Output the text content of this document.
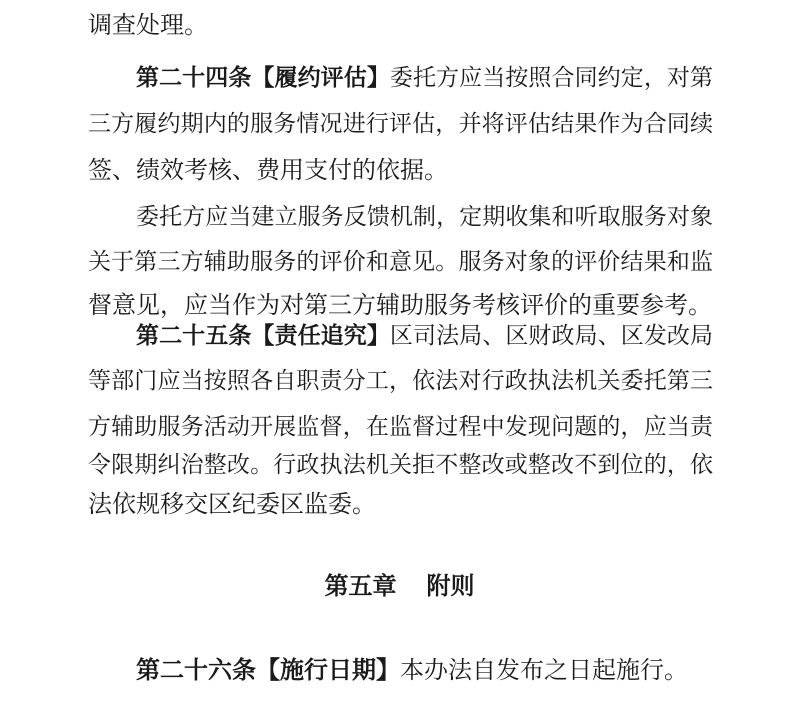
调查处理。
第二十四条【履约评估】委托方应当按照合同约定，对第
三方履约期内的服务情况进行评估，并将评估结果作为合同续
签、绩效考核、费用支付的依据。
委托方应当建立服务反馈机制，定期收集和听取服务对象
关于第三方辅助服务的评价和意见。服务对象的评价结果和监
督意见，应当作为对第三方辅助服务考核评价的重要参考。
第二十五条【责任追究】区司法局、区财政局、区发改局
等部门应当按照各自职责分工，依法对行政执法机关委托第三
方辅助服务活动开展监督，在监督过程中发现问题的，应当责
令限期纠治整改。行政执法机关拒不整改或整改不到位的，依
法依规移交区纪委区监委。
第五章 附则
第二十六条【施行日期】本办法自发布之日起施行。
